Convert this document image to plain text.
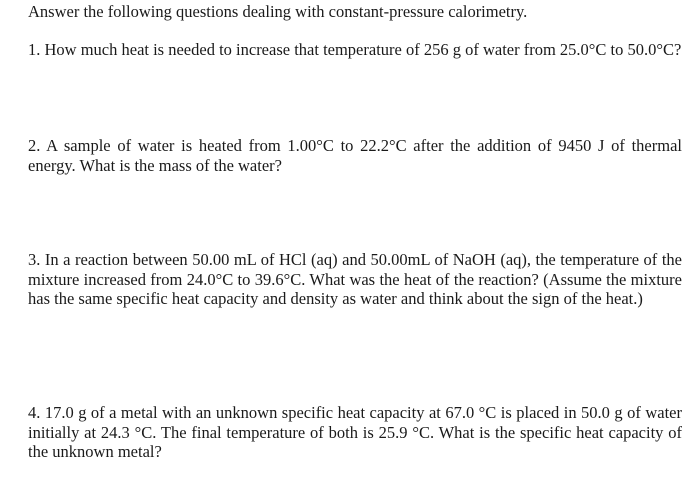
Answer the following questions dealing with constant-pressure calorimetry.
1. How much heat is needed to increase that temperature of 256 g of water from 25.0°C to 50.0°C?
2. A sample of water is heated from 1.00°C to 22.2°C after the addition of 9450 J of thermal energy. What is the mass of the water?
3. In a reaction between 50.00 mL of HCl (aq) and 50.00mL of NaOH (aq), the temperature of the mixture increased from 24.0°C to 39.6°C. What was the heat of the reaction? (Assume the mixture has the same specific heat capacity and density as water and think about the sign of the heat.)
4. 17.0 g of a metal with an unknown specific heat capacity at 67.0 °C is placed in 50.0 g of water initially at 24.3 °C. The final temperature of both is 25.9 °C. What is the specific heat capacity of the unknown metal?
